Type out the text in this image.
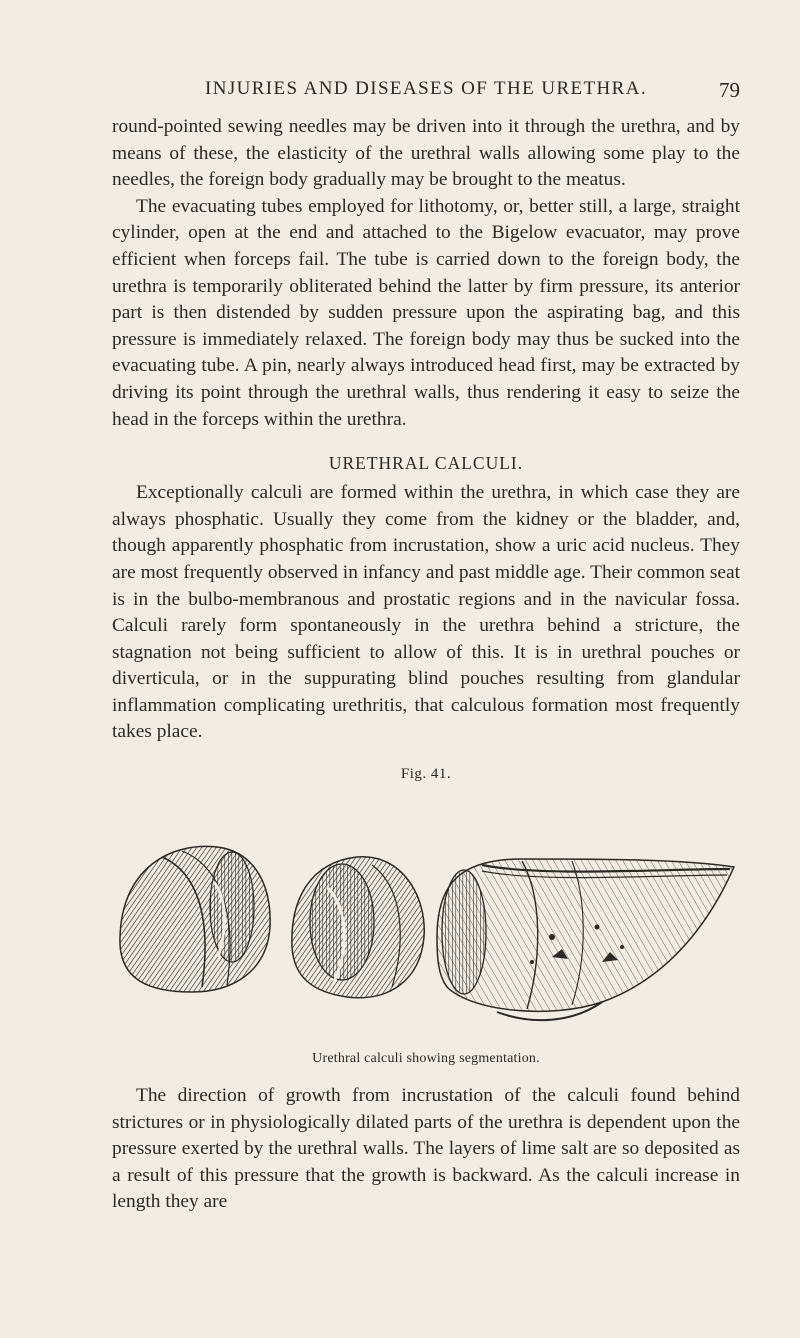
INJURIES AND DISEASES OF THE URETHRA.	79

round-pointed sewing needles may be driven into it through the urethra, and by means of these, the elasticity of the urethral walls allowing some play to the needles, the foreign body gradually may be brought to the meatus.

The evacuating tubes employed for lithotomy, or, better still, a large, straight cylinder, open at the end and attached to the Bigelow evacuator, may prove efficient when forceps fail. The tube is carried down to the foreign body, the urethra is temporarily obliterated behind the latter by firm pressure, its anterior part is then distended by sudden pressure upon the aspirating bag, and this pressure is immediately relaxed. The foreign body may thus be sucked into the evacuating tube. A pin, nearly always introduced head first, may be extracted by driving its point through the urethral walls, thus rendering it easy to seize the head in the forceps within the urethra.

URETHRAL CALCULI.

Exceptionally calculi are formed within the urethra, in which case they are always phosphatic. Usually they come from the kidney or the bladder, and, though apparently phosphatic from incrustation, show a uric acid nucleus. They are most frequently observed in infancy and past middle age. Their common seat is in the bulbo-membranous and prostatic regions and in the navicular fossa. Calculi rarely form spontaneously in the urethra behind a stricture, the stagnation not being sufficient to allow of this. It is in urethral pouches or diverticula, or in the suppurating blind pouches resulting from glandular inflammation complicating urethritis, that calculous formation most frequently takes place.

Fig. 41.
Urethral calculi showing segmentation.

The direction of growth from incrustation of the calculi found behind strictures or in physiologically dilated parts of the urethra is dependent upon the pressure exerted by the urethral walls. The layers of lime salt are so deposited as a result of this pressure that the growth is backward. As the calculi increase in length they are
